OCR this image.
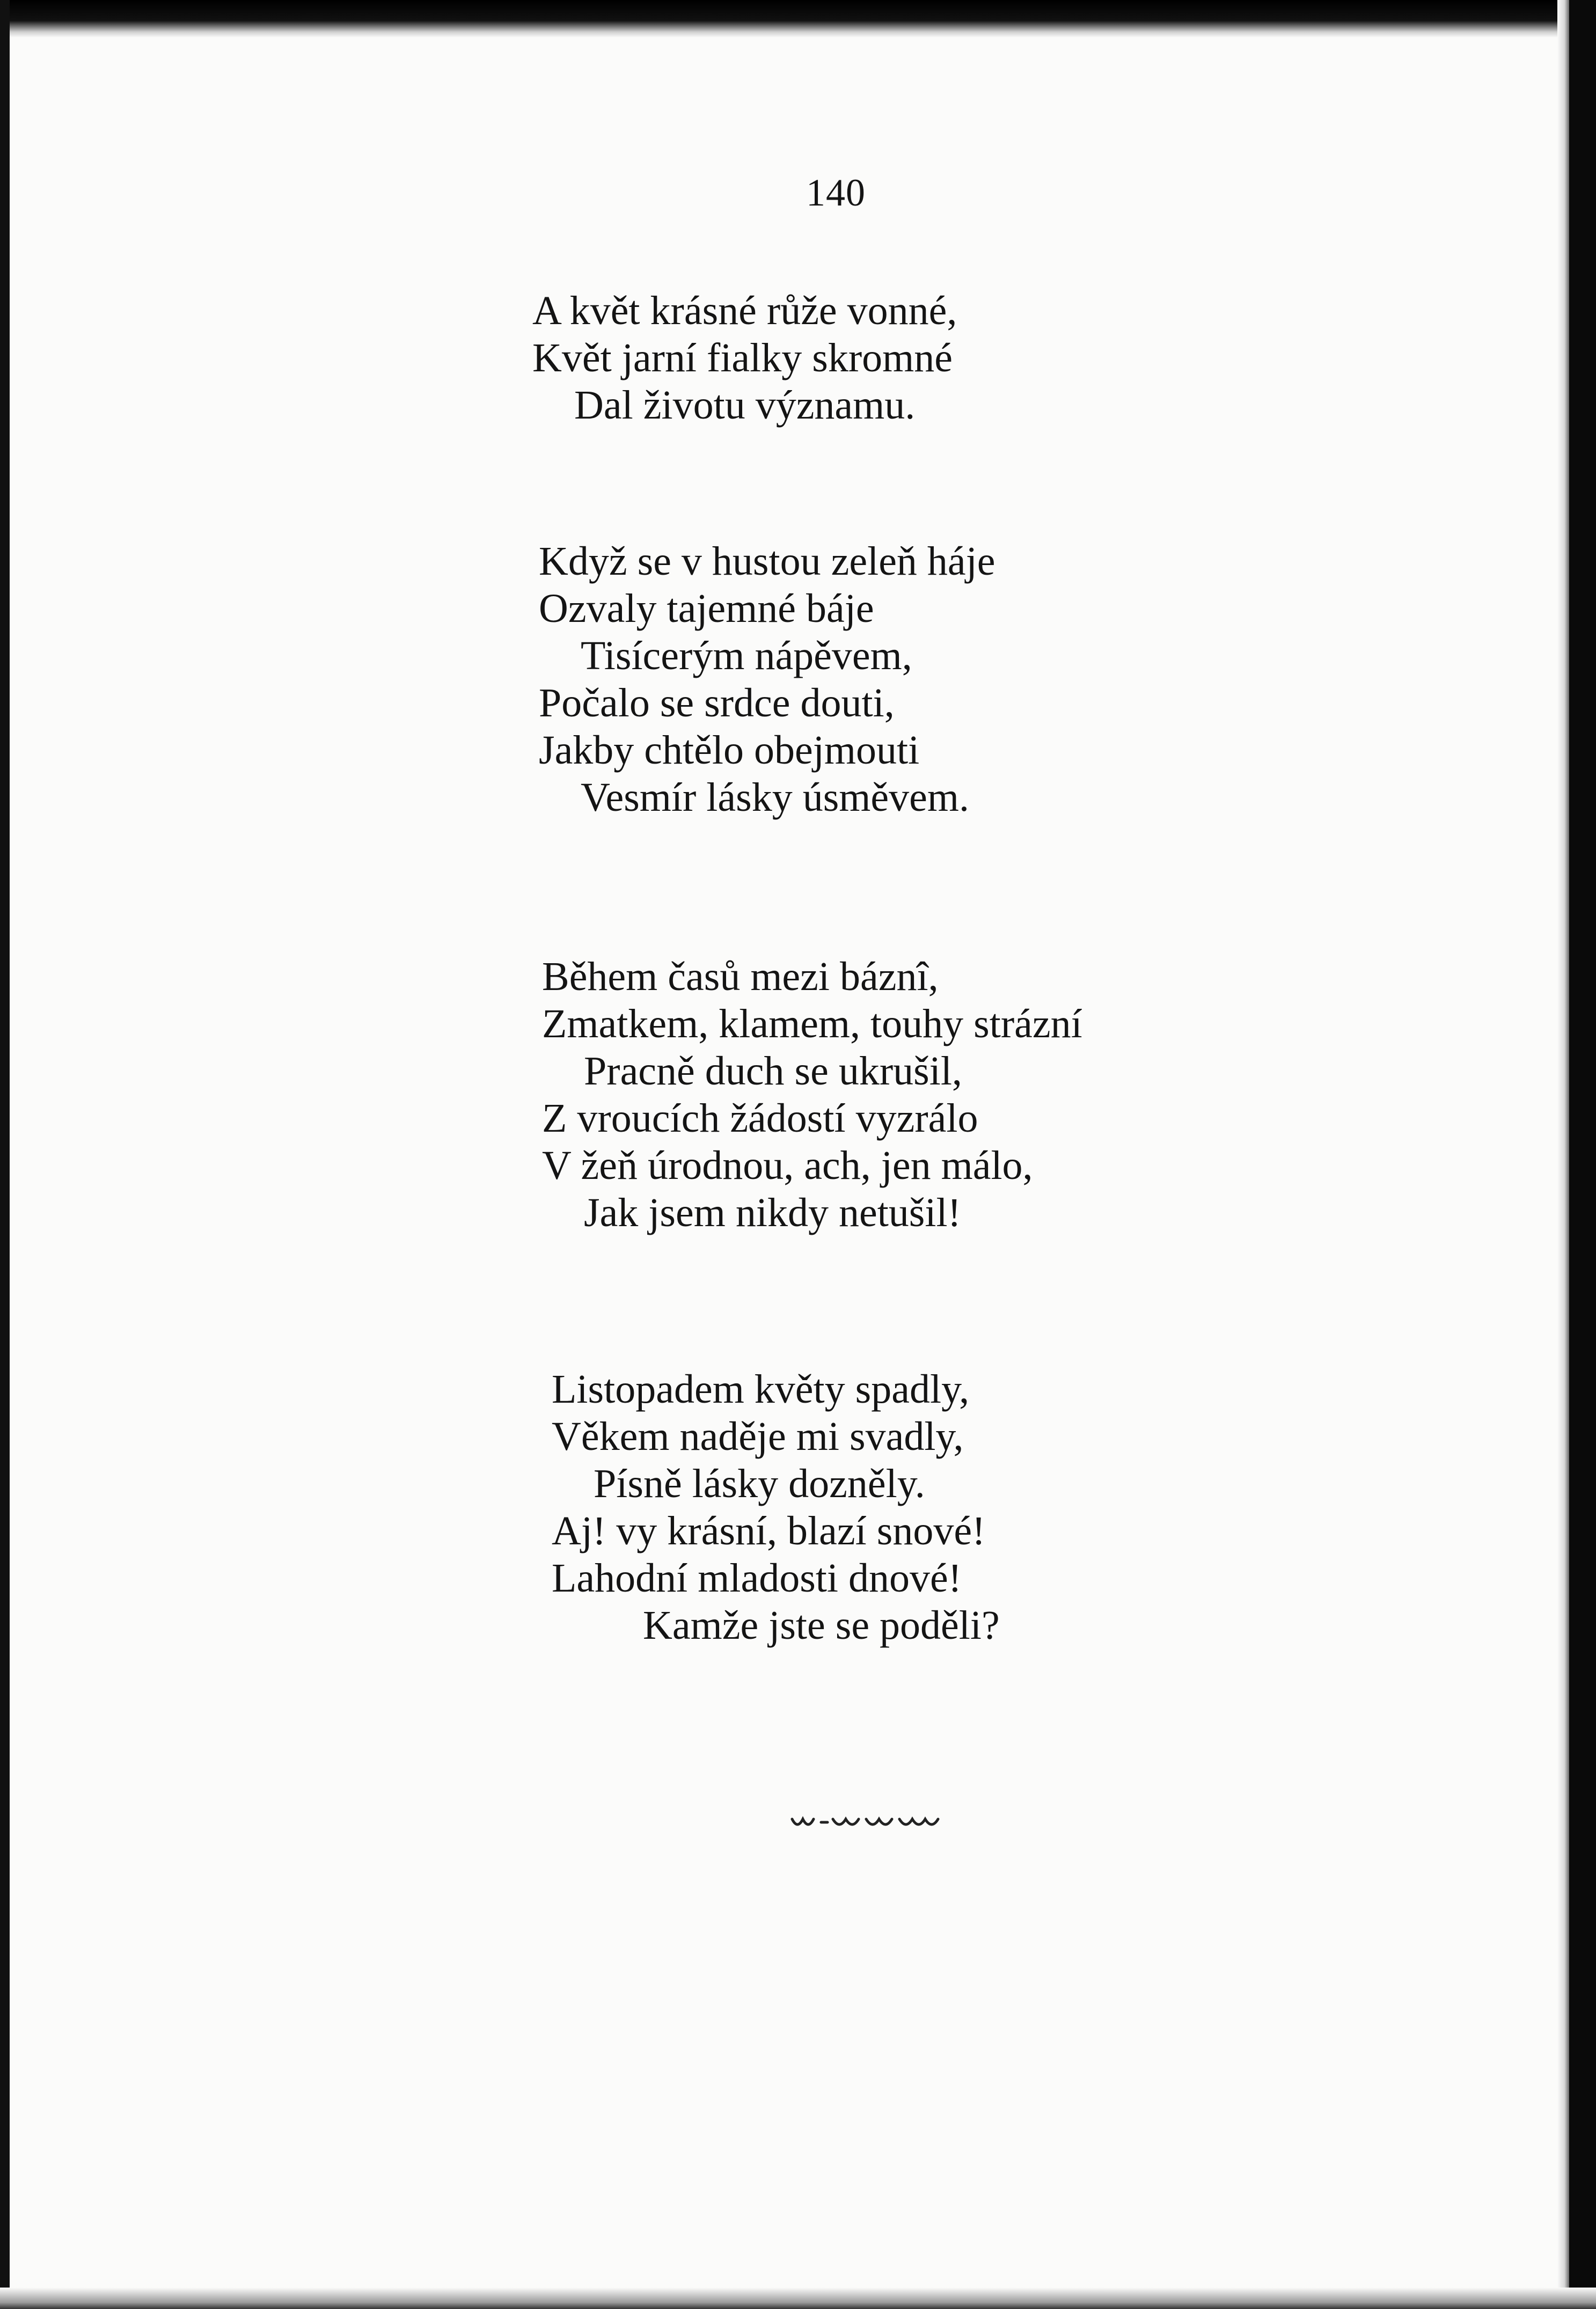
140
A květ krásné růže vonné,
Květ jarní fialky skromné
Dal životu významu.
Když se v hustou zeleň háje
Ozvaly tajemné báje
Tisícerým nápěvem,
Počalo se srdce douti,
Jakby chtělo obejmouti
Vesmír lásky úsměvem.
Během časů mezi báznî,
Zmatkem, klamem, touhy strázní
Pracně duch se ukrušil,
Z vroucích žádostí vyzrálo
V žeň úrodnou, ach, jen málo,
Jak jsem nikdy netušil!
Listopadem květy spadly,
Věkem naděje mi svadly,
Písně lásky dozněly.
Aj! vy krásní, blazí snové!
Lahodní mladosti dnové!
Kamže jste se poděli?
